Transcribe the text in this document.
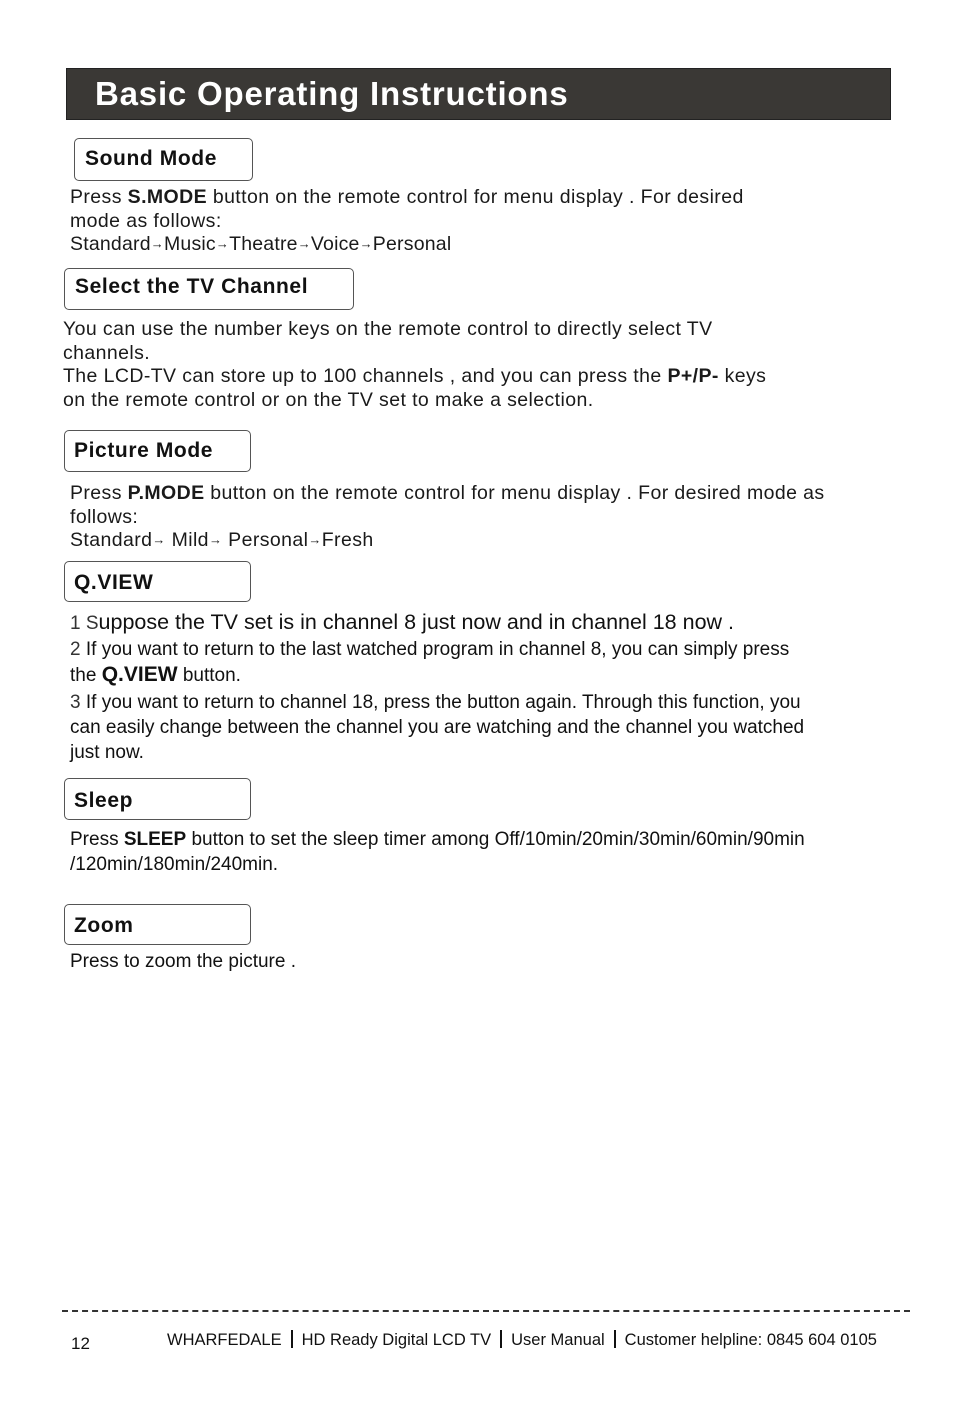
Basic Operating Instructions
Sound Mode
Press S.MODE button on the remote control for menu display . For desired
mode as follows:
Standard→Music→Theatre→Voice→Personal
Select the TV Channel
You can use the number keys on the remote control to directly select TV
channels.
The LCD-TV can store up to 100 channels , and you can press the P+/P- keys
on the remote control or on the TV set to make a selection.
Picture Mode
Press P.MODE button on the remote control for menu display . For desired mode as
follows:
Standard→ Mild→ Personal→Fresh
Q.VIEW
1 Suppose the TV set is in channel 8 just now and in channel 18 now .
2 If you want to return to the last watched program in channel 8, you can simply press
the Q.VIEW button.
3 If you want to return to channel 18, press the button again. Through this function, you
can easily change between the channel you are watching and the channel you watched
just now.
Sleep
Press SLEEP button to set the sleep timer among Off/10min/20min/30min/60min/90min
/120min/180min/240min.
Zoom
Press to zoom the picture .
12	WHARFEDALE HD Ready Digital LCD TV User Manual Customer helpline: 0845 604 0105
